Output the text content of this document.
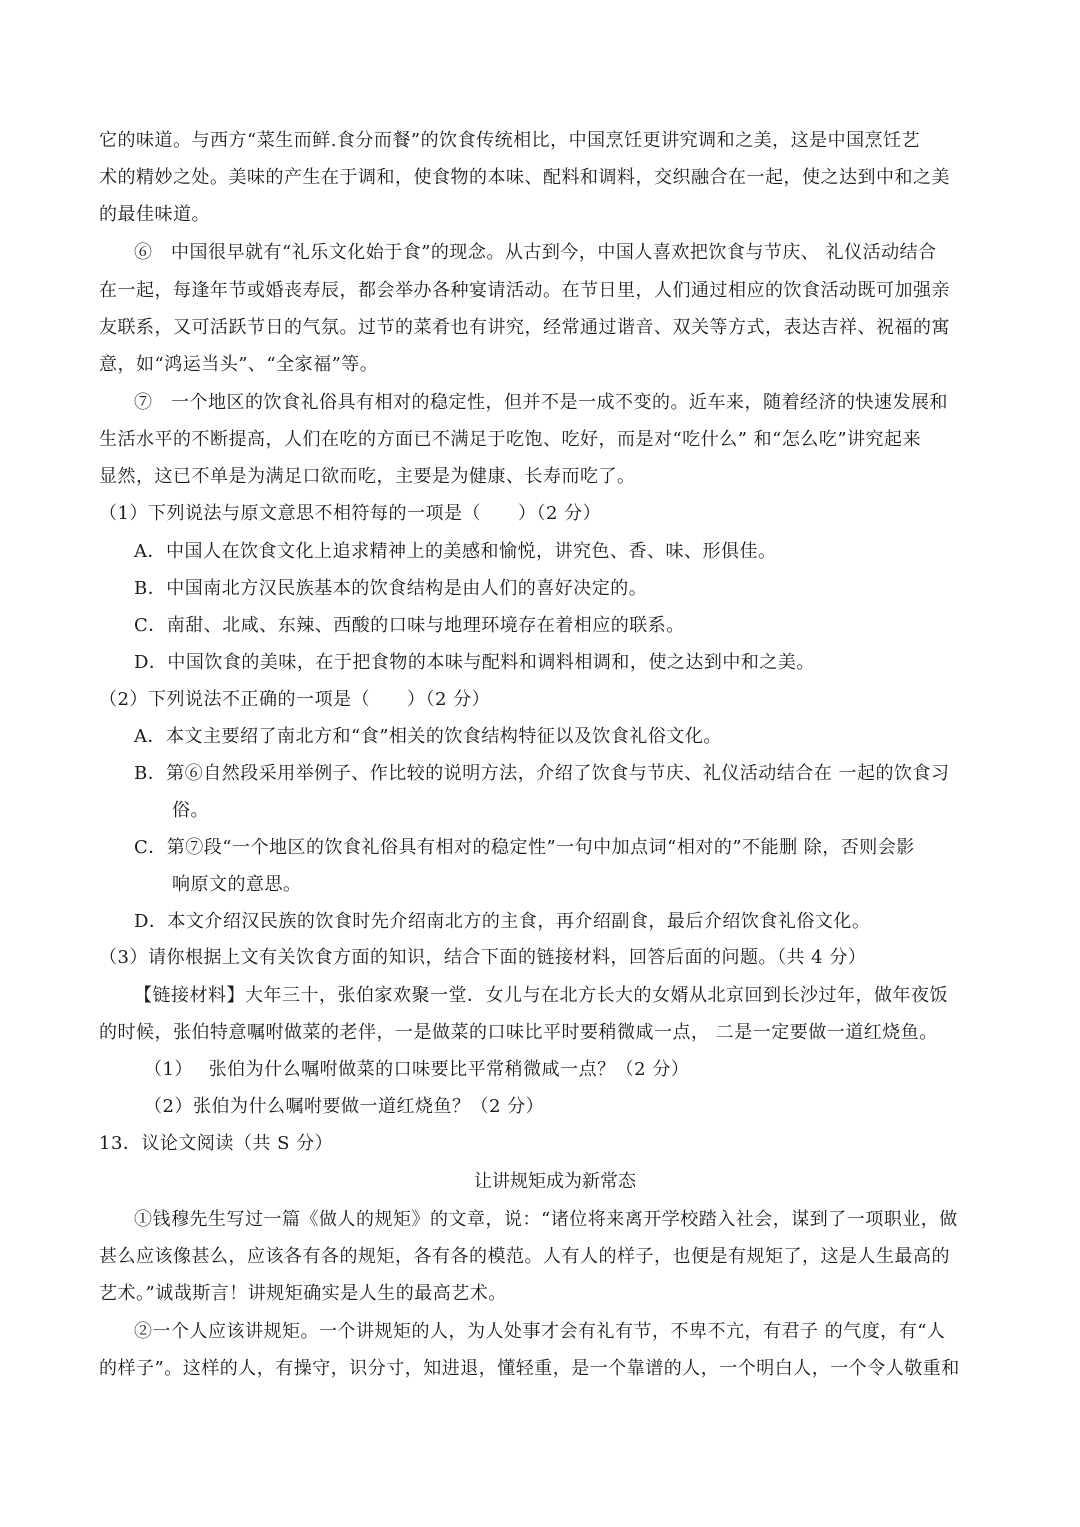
它的味道。与西方“菜生而鲜.食分而餐”的饮食传统相比，中国烹饪更讲究调和之美，这是中国烹饪艺
术的精妙之处。美味的产生在于调和，使食物的本味、配料和调料，交织融合在一起，使之达到中和之美
的最佳味道。
⑥　中国很早就有“礼乐文化始于食”的现念。从古到今，中国人喜欢把饮食与节庆、 礼仪活动结合
在一起，每逢年节或婚丧寿辰，都会举办各种宴请活动。在节日里，人们通过相应的饮食活动既可加强亲
友联系，又可活跃节日的气氛。过节的菜肴也有讲究，经常通过谐音、双关等方式，表达吉祥、祝福的寓
意，如“鸿运当头”、“全家福”等。
⑦　一个地区的饮食礼俗具有相对的稳定性，但并不是一成不变的。近车来，随着经济的快速发展和
生活水平的不断提高，人们在吃的方面已不满足于吃饱、吃好，而是对“吃什么” 和“怎么吃”讲究起来
显然，这已不单是为满足口欲而吃，主要是为健康、长寿而吃了。
（1）下列说法与原文意思不相符每的一项是（　　）（2 分）
A．中国人在饮食文化上追求精神上的美感和愉悦，讲究色、香、味、形俱佳。
B．中国南北方汉民族基本的饮食结构是由人们的喜好决定的。
C．南甜、北咸、东辣、西酸的口味与地理环境存在着相应的联系。
D．中国饮食的美味，在于把食物的本味与配料和调料相调和，使之达到中和之美。
（2）下列说法不正确的一项是（　　）（2 分）
A．本文主要绍了南北方和“食”相关的饮食结构特征以及饮食礼俗文化。
B．第⑥自然段采用举例子、作比较的说明方法，介绍了饮食与节庆、礼仪活动结合在 一起的饮食习
俗。
C．第⑦段“一个地区的饮食礼俗具有相对的稳定性”一句中加点词“相对的”不能删 除，否则会影
响原文的意思。
D．本文介绍汉民族的饮食时先介绍南北方的主食，再介绍副食，最后介绍饮食礼俗文化。
（3）请你根据上文有关饮食方面的知识，结合下面的链接材料，回答后面的问题。（共 4 分）
【链接材料】大年三十，张伯家欢聚一堂．女儿与在北方长大的女婿从北京回到长沙过年，做年夜饭
的时候，张伯特意嘱咐做菜的老伴，一是做菜的口味比平时要稍微咸一点， 二是一定要做一道红烧鱼。
（1）　 张伯为什么嘱咐做菜的口味要比平常稍微咸一点？（2 分）
（2）张伯为什么嘱咐要做一道红烧鱼？（2 分）
13．议论文阅读（共 S 分）
让讲规矩成为新常态
①钱穆先生写过一篇《做人的规矩》的文章，说：“诸位将来离开学校踏入社会，谋到了一项职业，做
甚么应该像甚么，应该各有各的规矩，各有各的模范。人有人的样子，也便是有规矩了，这是人生最高的
艺术。”诚哉斯言！讲规矩确实是人生的最高艺术。
②一个人应该讲规矩。一个讲规矩的人，为人处事才会有礼有节，不卑不亢，有君子 的气度，有“人
的样子”。这样的人，有操守，识分寸，知进退，懂轻重，是一个靠谱的人，一个明白人，一个令人敬重和
